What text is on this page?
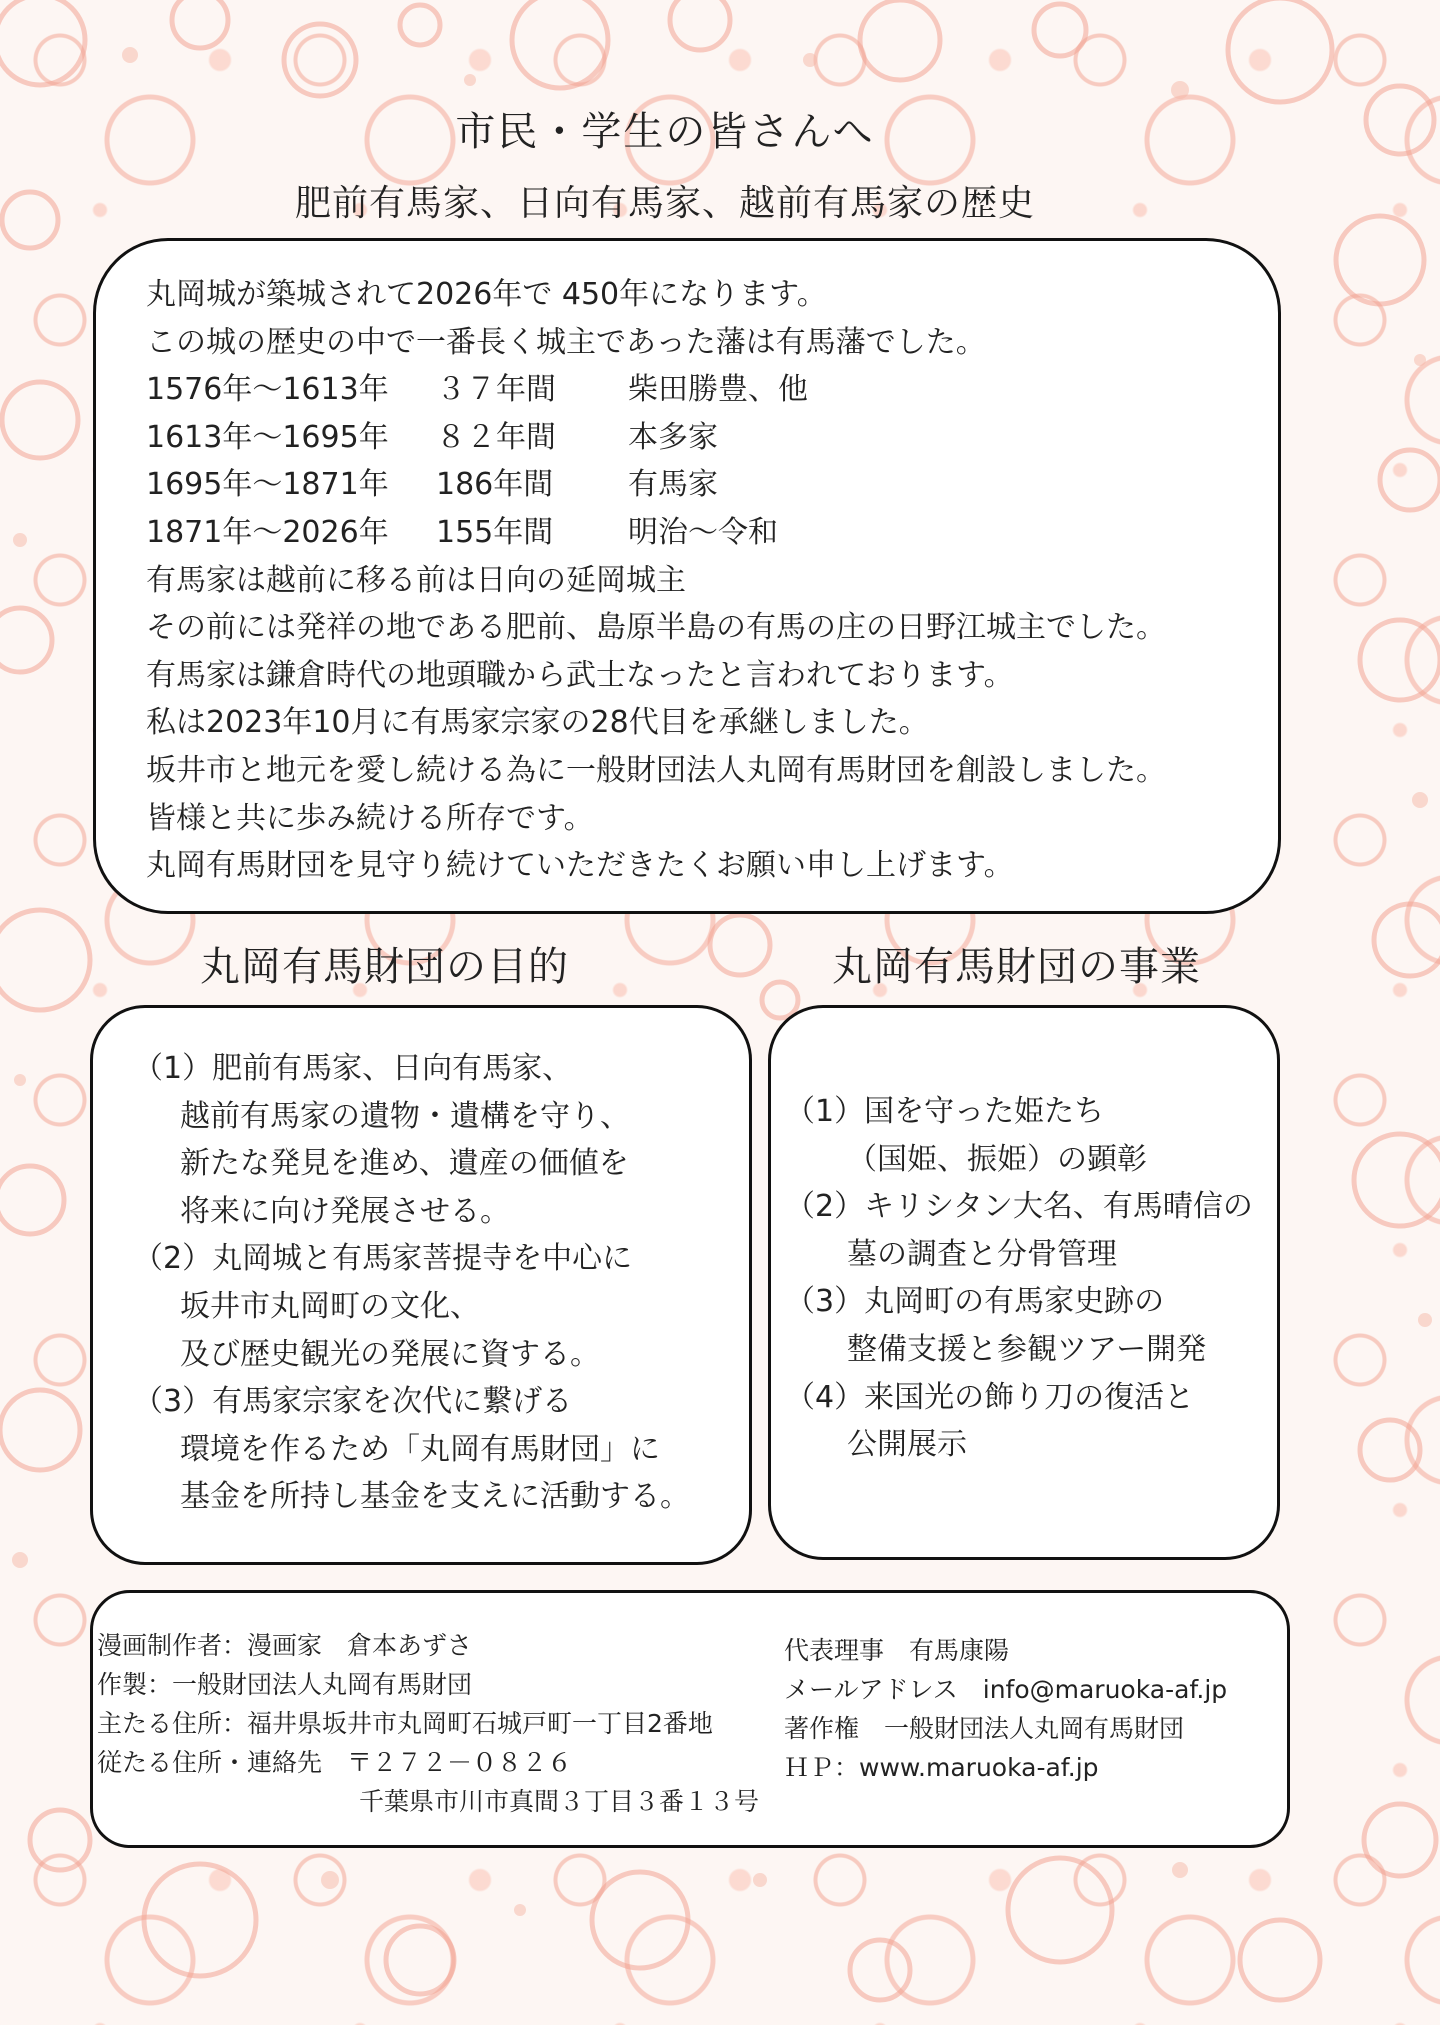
市民・学生の皆さんへ
肥前有馬家、日向有馬家、越前有馬家の歴史
丸岡城が築城されて2026年で 450年になります。
この城の歴史の中で一番長く城主であった藩は有馬藩でした。
1576年～1613年	３７年間	柴田勝豊、他
1613年～1695年	８２年間	本多家
1695年～1871年	186年間	有馬家
1871年～2026年	155年間	明治～令和
有馬家は越前に移る前は日向の延岡城主
その前には発祥の地である肥前、島原半島の有馬の庄の日野江城主でした。
有馬家は鎌倉時代の地頭職から武士なったと言われております。
私は2023年10月に有馬家宗家の28代目を承継しました。
坂井市と地元を愛し続ける為に一般財団法人丸岡有馬財団を創設しました。
皆様と共に歩み続ける所存です。
丸岡有馬財団を見守り続けていただきたくお願い申し上げます。
丸岡有馬財団の目的	丸岡有馬財団の事業
（1）肥前有馬家、日向有馬家、
越前有馬家の遺物・遺構を守り、
新たな発見を進め、遺産の価値を
将来に向け発展させる。
（2）丸岡城と有馬家菩提寺を中心に
坂井市丸岡町の文化、
及び歴史観光の発展に資する。
（3）有馬家宗家を次代に繋げる
環境を作るため「丸岡有馬財団」に
基金を所持し基金を支えに活動する。
（1）国を守った姫たち
（国姫、振姫）の顕彰
（2）キリシタン大名、有馬晴信の
墓の調査と分骨管理
（3）丸岡町の有馬家史跡の
整備支援と参観ツアー開発
（4）来国光の飾り刀の復活と
公開展示
漫画制作者：漫画家　倉本あずさ
作製：一般財団法人丸岡有馬財団
主たる住所：福井県坂井市丸岡町石城戸町一丁目2番地
従たる住所・連絡先　〒２７２－０８２６
千葉県市川市真間３丁目３番１３号
代表理事　有馬康陽
メールアドレス　info@maruoka-af.jp
著作権　一般財団法人丸岡有馬財団
ＨＰ：www.maruoka-af.jp
